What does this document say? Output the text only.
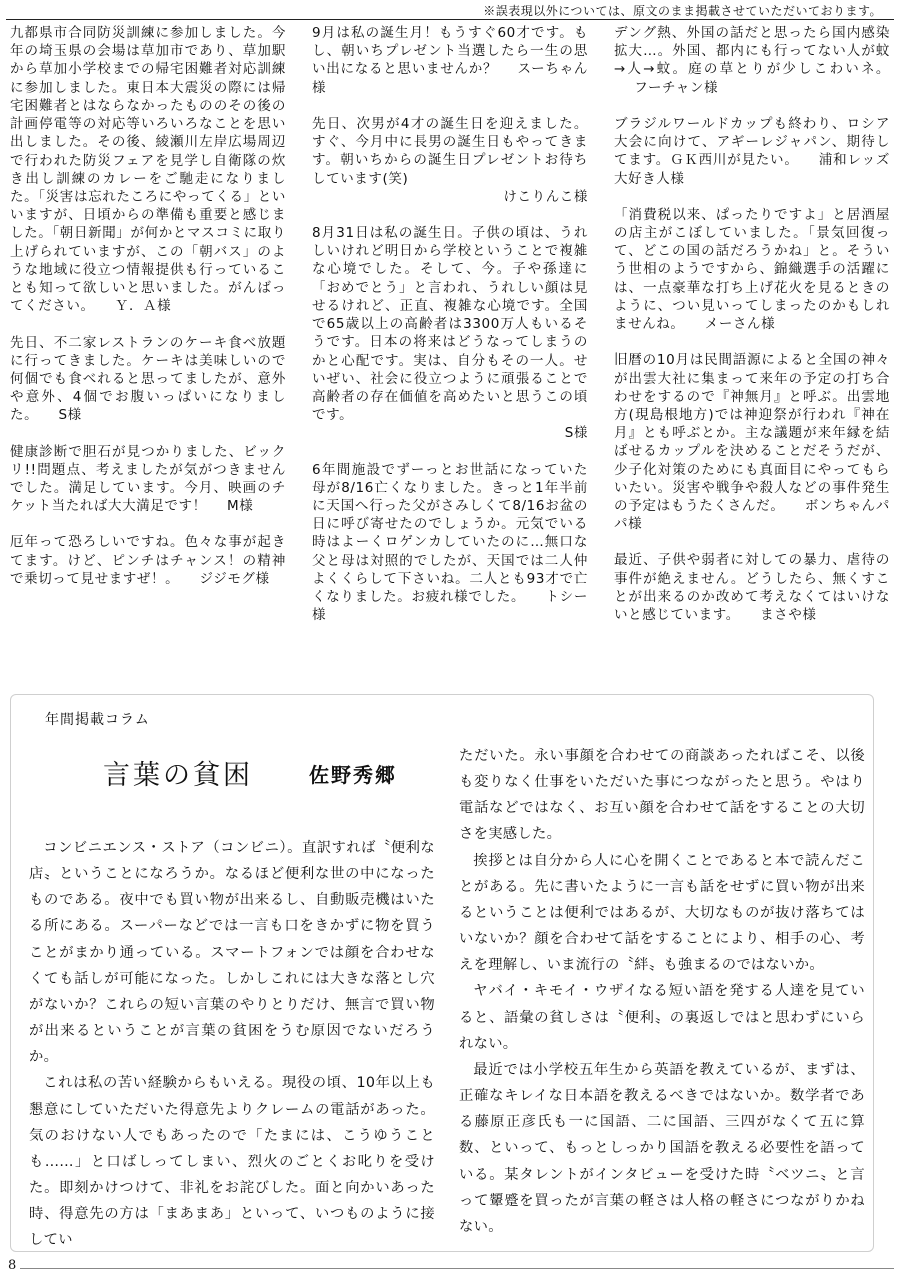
※誤表現以外については、原文のまま掲載させていただいております。

九都県市合同防災訓練に参加しました。今年の埼玉県の会場は草加市であり、草加駅から草加小学校までの帰宅困難者対応訓練に参加しました。東日本大震災の際には帰宅困難者とはならなかったもののその後の計画停電等の対応等いろいろなことを思い出しました。その後、綾瀬川左岸広場周辺で行われた防災フェアを見学し自衛隊の炊き出し訓練のカレーをご馳走になりました。「災害は忘れたころにやってくる」といいますが、日頃からの準備も重要と感じました。「朝日新聞」が何かとマスコミに取り上げられていますが、この「朝バス」のような地域に役立つ情報提供も行っていることも知って欲しいと思いました。がんばってください。 Ｙ．Ａ様

先日、不二家レストランのケーキ食べ放題に行ってきました。ケーキは美味しいので何個でも食べれると思ってましたが、意外や意外、4個でお腹いっぱいになりました。 S様

健康診断で胆石が見つかりました、ビックリ!!問題点、考えましたが気がつきませんでした。満足しています。今月、映画のチケット当たれば大大満足です！ M様

厄年って恐ろしいですね。色々な事が起きてます。けど、ピンチはチャンス！の精神で乗切って見せますぜ！。 ジジモグ様

9月は私の誕生月！もうすぐ60才です。もし、朝いちプレゼント当選したら一生の思い出になると思いませんか？ スーちゃん様

先日、次男が4才の誕生日を迎えました。すぐ、今月中に長男の誕生日もやってきます。朝いちからの誕生日プレゼントお待ちしています(笑)
けこりんこ様

8月31日は私の誕生日。子供の頃は、うれしいけれど明日から学校ということで複雑な心境でした。そして、今。子や孫達に「おめでとう」と言われ、うれしい顔は見せるけれど、正直、複雑な心境です。全国で65歳以上の高齢者は3300万人もいるそうです。日本の将来はどうなってしまうのかと心配です。実は、自分もその一人。せいぜい、社会に役立つように頑張ることで高齢者の存在価値を高めたいと思うこの頃です。
S様

6年間施設でずーっとお世話になっていた母が8/16亡くなりました。きっと1年半前に天国へ行った父がさみしくて8/16お盆の日に呼び寄せたのでしょうか。元気でいる時はよーくロゲンカしていたのに…無口な父と母は対照的でしたが、天国では二人仲よくくらして下さいね。二人とも93才で亡くなりました。お疲れ様でした。 トシー様

デング熱、外国の話だと思ったら国内感染拡大…。外国、都内にも行ってない人が蚊→人→蚊。庭の草とりが少しこわいネ。フーチャン様

ブラジルワールドカップも終わり、ロシア大会に向けて、アギーレジャパン、期待してます。ＧＫ西川が見たい。 浦和レッズ大好き人様

「消費税以来、ぱったりですよ」と居酒屋の店主がこぼしていました。「景気回復って、どこの国の話だろうかね」と。そういう世相のようですから、錦織選手の活躍には、一点豪華な打ち上げ花火を見るときのように、つい見いってしまったのかもしれませんね。 メーさん様

旧暦の10月は民間語源によると全国の神々が出雲大社に集まって来年の予定の打ち合わせをするので『神無月』と呼ぶ。出雲地方(現島根地方)では神迎祭が行われ『神在月』とも呼ぶとか。主な議題が来年縁を結ばせるカップルを決めることだそうだが、少子化対策のためにも真面目にやってもらいたい。災害や戦争や殺人などの事件発生の予定はもうたくさんだ。 ボンちゃんパパ様

最近、子供や弱者に対しての暴力、虐待の事件が絶えません。どうしたら、無くすことが出来るのか改めて考えなくてはいけないと感じています。 まさや様

年間掲載コラム
言葉の貧困	佐野秀郷

コンビニエンス・ストア（コンビニ）。直訳すれば〝便利な店〟ということになろうか。なるほど便利な世の中になったものである。夜中でも買い物が出来るし、自動販売機はいたる所にある。スーパーなどでは一言も口をきかずに物を買うことがまかり通っている。スマートフォンでは顔を合わせなくても話しが可能になった。しかしこれには大きな落とし穴がないか？これらの短い言葉のやりとりだけ、無言で買い物が出来るということが言葉の貧困をうむ原因でないだろうか。

これは私の苦い経験からもいえる。現役の頃、10年以上も懇意にしていただいた得意先よりクレームの電話があった。気のおけない人でもあったので「たまには、こうゆうことも……」と口ばしってしまい、烈火のごとくお叱りを受けた。即刻かけつけて、非礼をお詫びした。面と向かいあった時、得意先の方は「まあまあ」といって、いつものように接してい

ただいた。永い事顔を合わせての商談あったればこそ、以後も変りなく仕事をいただいた事につながったと思う。やはり電話などではなく、お互い顔を合わせて話をすることの大切さを実感した。

挨拶とは自分から人に心を開くことであると本で読んだことがある。先に書いたように一言も話をせずに買い物が出来るということは便利ではあるが、大切なものが抜け落ちてはいないか？顔を合わせて話をすることにより、相手の心、考えを理解し、いま流行の〝絆〟も強まるのではないか。

ヤバイ・キモイ・ウザイなる短い語を発する人達を見ていると、語彙の貧しさは〝便利〟の裏返しではと思わずにいられない。

最近では小学校五年生から英語を教えているが、まずは、正確なキレイな日本語を教えるべきではないか。数学者である藤原正彦氏も一に国語、二に国語、三四がなくて五に算数、といって、もっとしっかり国語を教える必要性を語っている。某タレントがインタビューを受けた時〝ベツニ〟と言って顰蹙を買ったが言葉の軽さは人格の軽さにつながりかねない。

8
